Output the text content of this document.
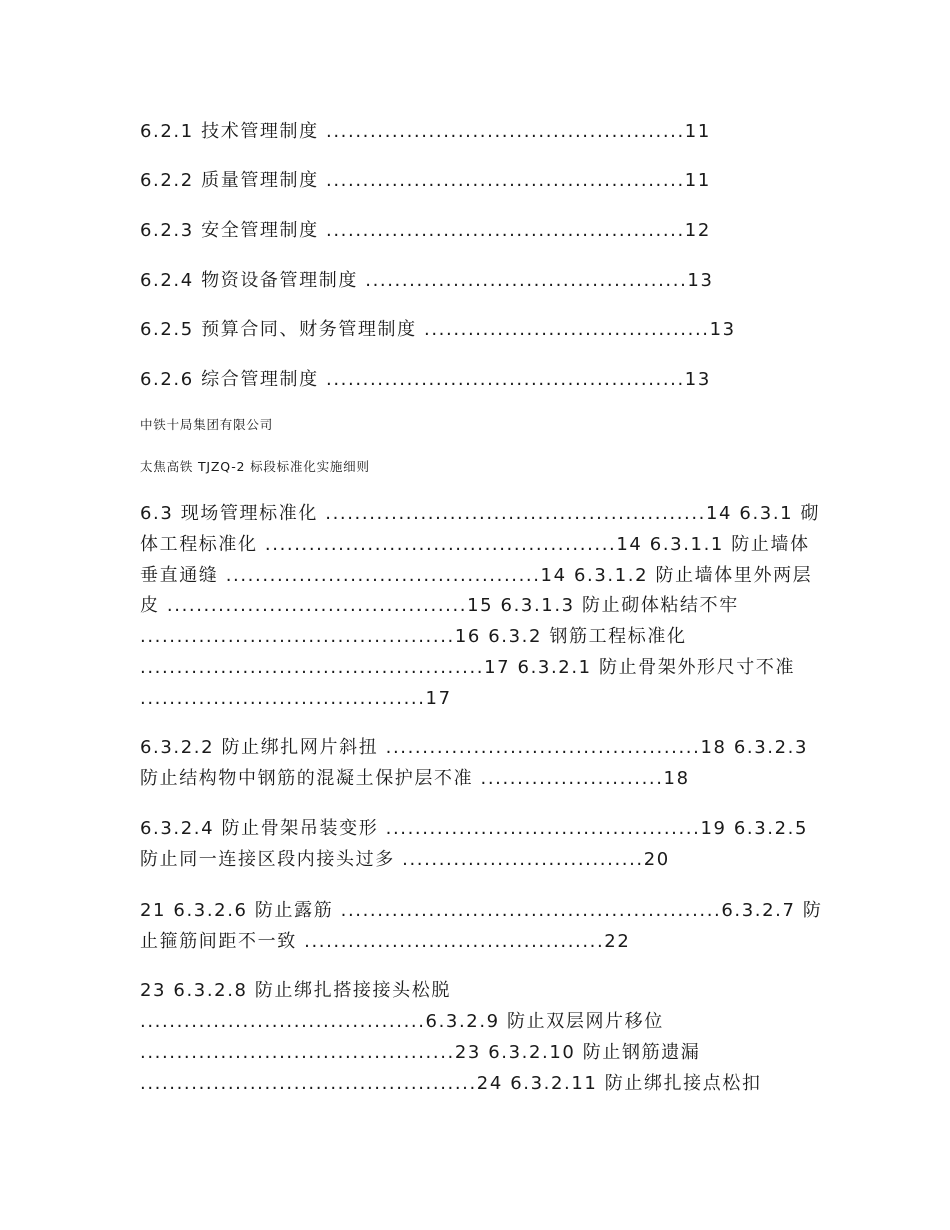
6.2.1 技术管理制度 .................................................11
6.2.2 质量管理制度 .................................................11
6.2.3 安全管理制度 .................................................12
6.2.4 物资设备管理制度 ............................................13
6.2.5 预算合同、财务管理制度 .......................................13
6.2.6 综合管理制度 .................................................13
中铁十局集团有限公司
太焦高铁 TJZQ-2 标段标准化实施细则
6.3 现场管理标准化 ....................................................14 6.3.1 砌
体工程标准化 ................................................14 6.3.1.1 防止墙体
垂直通缝 ...........................................14 6.3.1.2 防止墙体里外两层
皮 .........................................15 6.3.1.3 防止砌体粘结不牢
...........................................16 6.3.2 钢筋工程标准化
...............................................17 6.3.2.1 防止骨架外形尺寸不准
.......................................17
6.3.2.2 防止绑扎网片斜扭 ...........................................18 6.3.2.3
防止结构物中钢筋的混凝土保护层不准 .........................18
6.3.2.4 防止骨架吊装变形 ...........................................19 6.3.2.5
防止同一连接区段内接头过多 .................................20
21 6.3.2.6 防止露筋 ....................................................6.3.2.7 防
止箍筋间距不一致 .........................................22
23 6.3.2.8 防止绑扎搭接接头松脱
.......................................6.3.2.9 防止双层网片移位
...........................................23 6.3.2.10 防止钢筋遗漏
..............................................24 6.3.2.11 防止绑扎接点松扣
